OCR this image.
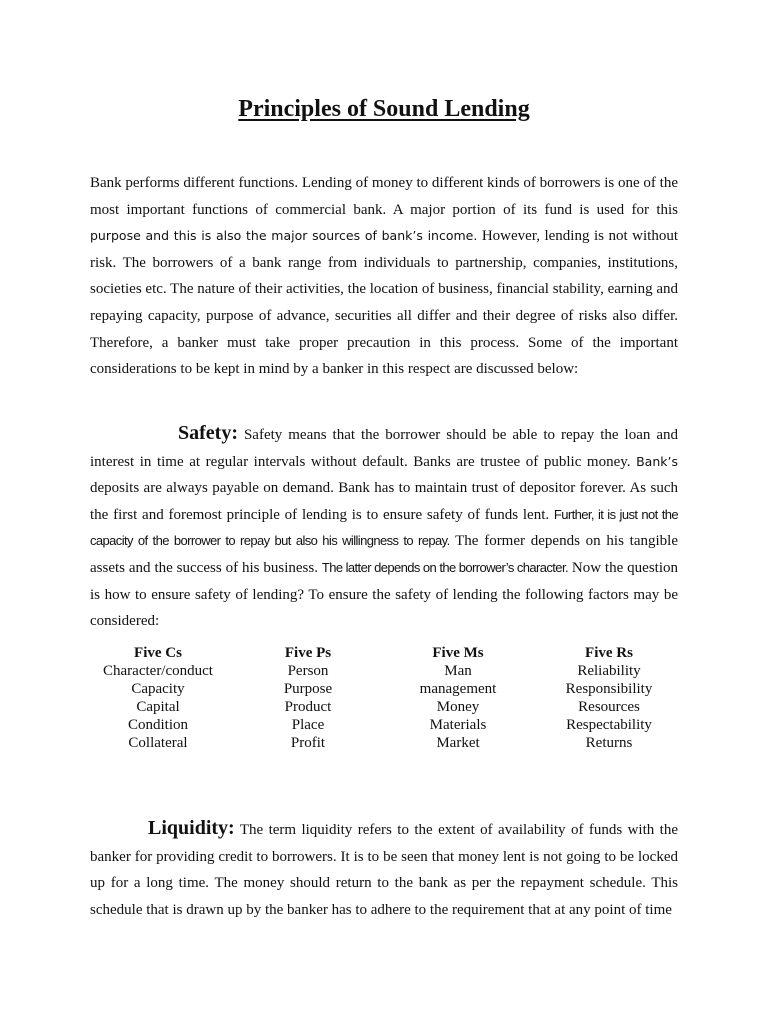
Principles of Sound Lending

Bank performs different functions. Lending of money to different kinds of borrowers is one of the most important functions of commercial bank. A major portion of its fund is used for this purpose and this is also the major sources of bank’s income. However, lending is not without risk. The borrowers of a bank range from individuals to partnership, companies, institutions, societies etc. The nature of their activities, the location of business, financial stability, earning and repaying capacity, purpose of advance, securities all differ and their degree of risks also differ. Therefore, a banker must take proper precaution in this process. Some of the important considerations to be kept in mind by a banker in this respect are discussed below:

Safety: Safety means that the borrower should be able to repay the loan and interest in time at regular intervals without default. Banks are trustee of public money. Bank’s deposits are always payable on demand. Bank has to maintain trust of depositor forever. As such the first and foremost principle of lending is to ensure safety of funds lent. Further, it is just not the capacity of the borrower to repay but also his willingness to repay. The former depends on his tangible assets and the success of his business. The latter depends on the borrower’s character. Now the question is how to ensure safety of lending? To ensure the safety of lending the following factors may be considered:

Five Cs
Character/conduct
Capacity
Capital
Condition
Collateral
Five Ps
Person
Purpose
Product
Place
Profit
Five Ms
Man
management
Money
Materials
Market
Five Rs
Reliability
Responsibility
Resources
Respectability
Returns

Liquidity: The term liquidity refers to the extent of availability of funds with the banker for providing credit to borrowers. It is to be seen that money lent is not going to be locked up for a long time. The money should return to the bank as per the repayment schedule. This schedule that is drawn up by the banker has to adhere to the requirement that at any point of time
